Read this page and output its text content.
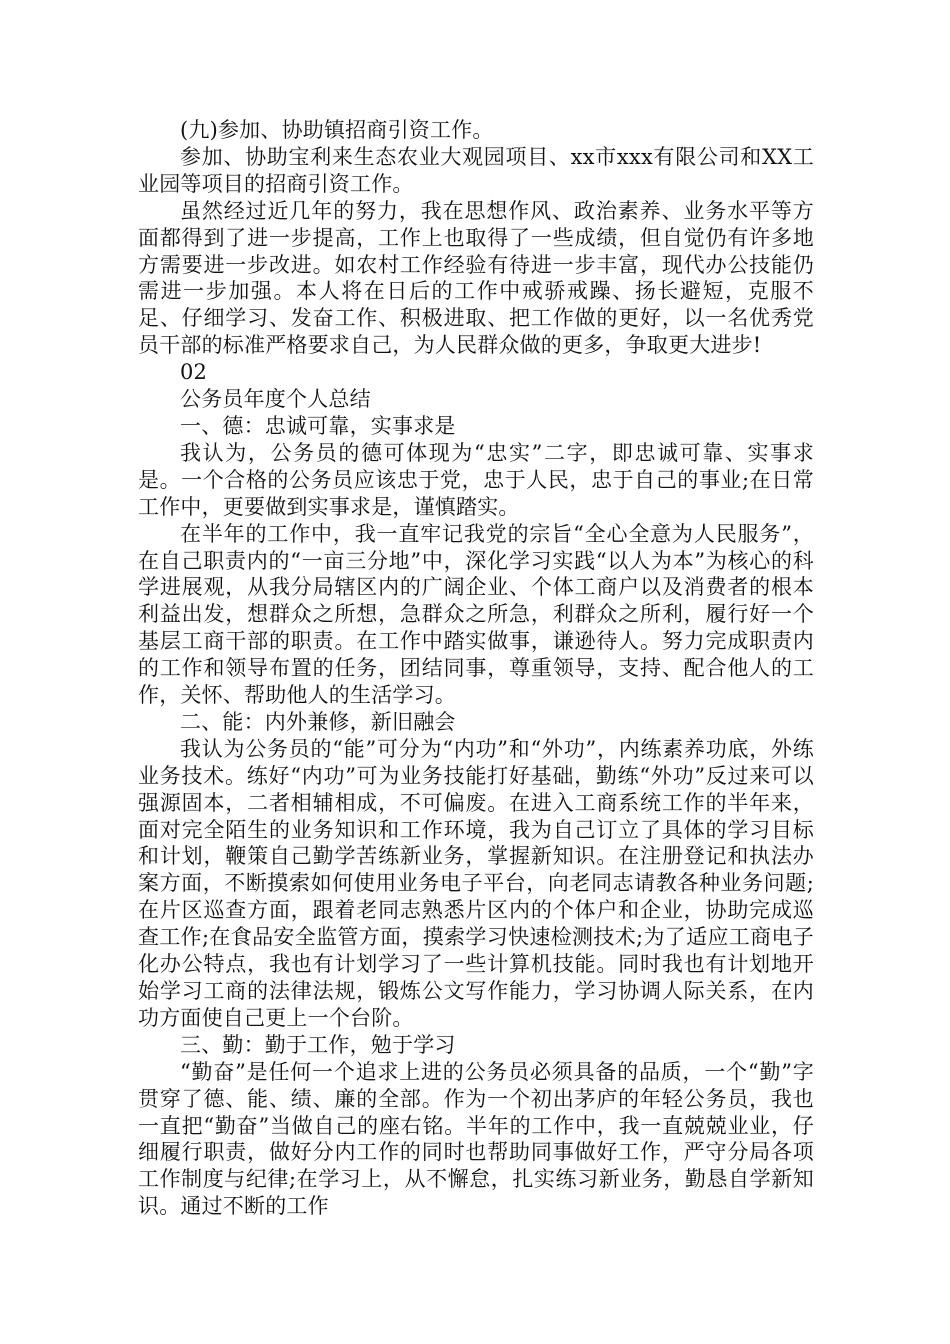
(九)参加、协助镇招商引资工作。

参加、协助宝利来生态农业大观园项目、xx市xxx有限公司和XX工业园等项目的招商引资工作。

虽然经过近几年的努力，我在思想作风、政治素养、业务水平等方面都得到了进一步提高，工作上也取得了一些成绩，但自觉仍有许多地方需要进一步改进。如农村工作经验有待进一步丰富，现代办公技能仍需进一步加强。本人将在日后的工作中戒骄戒躁、扬长避短，克服不足、仔细学习、发奋工作、积极进取、把工作做的更好，以一名优秀党员干部的标准严格要求自己，为人民群众做的更多，争取更大进步!

02

公务员年度个人总结

一、德：忠诚可靠，实事求是

我认为，公务员的德可体现为“忠实”二字，即忠诚可靠、实事求是。一个合格的公务员应该忠于党，忠于人民，忠于自己的事业;在日常工作中，更要做到实事求是，谨慎踏实。

在半年的工作中，我一直牢记我党的宗旨“全心全意为人民服务”，在自己职责内的“一亩三分地”中，深化学习实践“以人为本”为核心的科学进展观，从我分局辖区内的广阔企业、个体工商户以及消费者的根本利益出发，想群众之所想，急群众之所急，利群众之所利，履行好一个基层工商干部的职责。在工作中踏实做事，谦逊待人。努力完成职责内的工作和领导布置的任务，团结同事，尊重领导，支持、配合他人的工作，关怀、帮助他人的生活学习。

二、能：内外兼修，新旧融会

我认为公务员的“能”可分为“内功”和“外功”，内练素养功底，外练业务技术。练好“内功”可为业务技能打好基础，勤练“外功”反过来可以强源固本，二者相辅相成，不可偏废。在进入工商系统工作的半年来，面对完全陌生的业务知识和工作环境，我为自己订立了具体的学习目标和计划，鞭策自己勤学苦练新业务，掌握新知识。在注册登记和执法办案方面，不断摸索如何使用业务电子平台，向老同志请教各种业务问题;在片区巡查方面，跟着老同志熟悉片区内的个体户和企业，协助完成巡查工作;在食品安全监管方面，摸索学习快速检测技术;为了适应工商电子化办公特点，我也有计划学习了一些计算机技能。同时我也有计划地开始学习工商的法律法规，锻炼公文写作能力，学习协调人际关系，在内功方面使自己更上一个台阶。

三、勤：勤于工作，勉于学习

“勤奋”是任何一个追求上进的公务员必须具备的品质，一个“勤”字贯穿了德、能、绩、廉的全部。作为一个初出茅庐的年轻公务员，我也一直把“勤奋”当做自己的座右铭。半年的工作中，我一直兢兢业业，仔细履行职责，做好分内工作的同时也帮助同事做好工作，严守分局各项工作制度与纪律;在学习上，从不懈怠，扎实练习新业务，勤恳自学新知识。通过不断的工作
